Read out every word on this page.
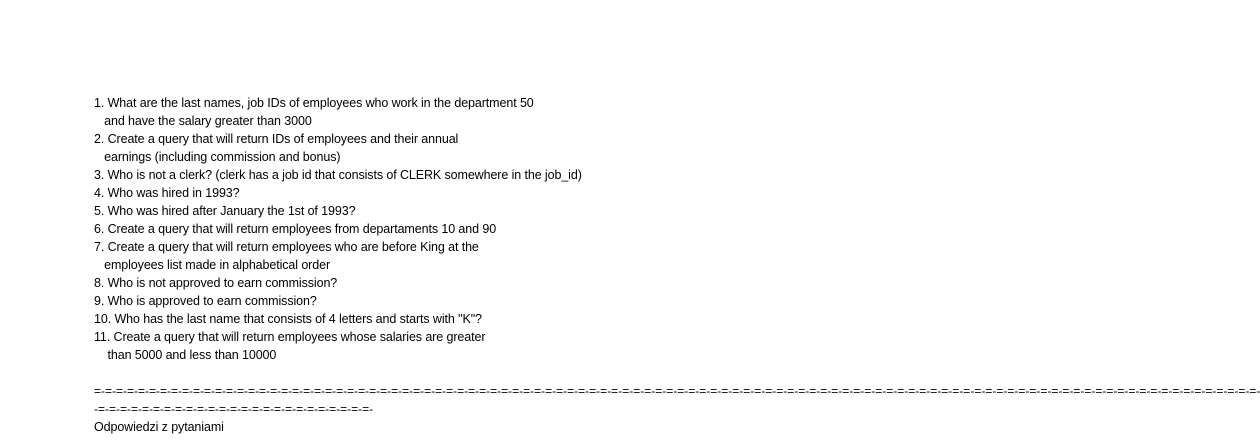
1. What are the last names, job IDs of employees who work in the department 50
and have the salary greater than 3000
2. Create a query that will return IDs of employees and their annual
earnings (including commission and bonus)
3. Who is not a clerk? (clerk has a job id that consists of CLERK somewhere in the job_id)
4. Who was hired in 1993?
5. Who was hired after January the 1st of 1993?
6. Create a query that will return employees from departaments 10 and 90
7. Create a query that will return employees who are before King at the
employees list made in alphabetical order
8. Who is not approved to earn commission?
9. Who is approved to earn commission?
10. Who has the last name that consists of 4 letters and starts with "K"?
11. Create a query that will return employees whose salaries are greater
than 5000 and less than 10000
=-=-=-=-=-=-=-=-=-=-=-=-=-=-=-=-=-=-=-=-=-=-=-=-=-=-=-=-=-=-=-=-=-=-=-=-=-=-=-=-=-=-=-=-=-=-=-=-=-=-=-=-=-=-=-=-=-=-=-=-=-=-=-=-=-=-=-=-=-=-=-=-=-=-=-=-=-=-=-=-=-=-=-=-=-=-=-=-=-=-=-=-=-=-=-=-=-=-=-=-=-=-=-=-=-=-
-=-=-=-=-=-=-=-=-=-=-=-=-=-=-=-=-=-=-=-=-=-=-=-=-=-
Odpowiedzi z pytaniami
